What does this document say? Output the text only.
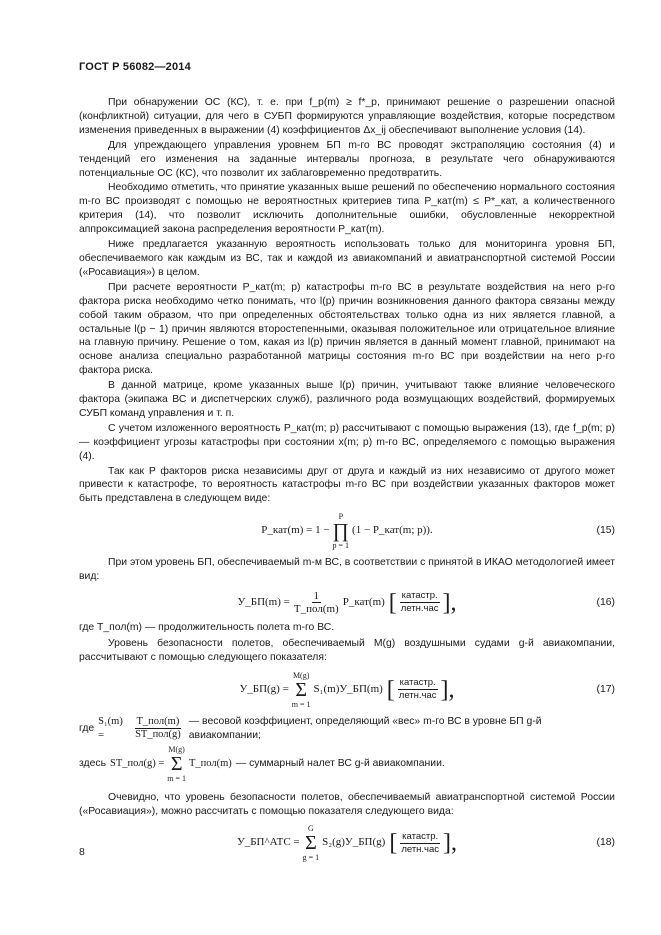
ГОСТ Р 56082—2014

При обнаружении ОС (КС), т. е. при f_р(m) ≥ f*_р, принимают решение о разрешении опасной (конфликтной) ситуации, для чего в СУБП формируются управляющие воздействия, которые посредством изменения приведенных в выражении (4) коэффициентов Δx_ij обеспечивают выполнение условия (14).

Для упреждающего управления уровнем БП m-го ВС проводят экстраполяцию состояния (4) и тенденций его изменения на заданные интервалы прогноза, в результате чего обнаруживаются потенциальные ОС (КС), что позволит их заблаговременно предотвратить.

Необходимо отметить, что принятие указанных выше решений по обеспечению нормального состояния m-го ВС производят с помощью не вероятностных критериев типа P_кат(m) ≤ P*_кат, а количественного критерия (14), что позволит исключить дополнительные ошибки, обусловленные некорректной аппроксимацией закона распределения вероятности P_кат(m).

Ниже предлагается указанную вероятность использовать только для мониторинга уровня БП, обеспечиваемого как каждым из ВС, так и каждой из авиакомпаний и авиатранспортной системой России («Росавиация») в целом.

При расчете вероятности P_кат(m; p) катастрофы m-го ВС в результате воздействия на него p-го фактора риска необходимо четко понимать, что l(p) причин возникновения данного фактора связаны между собой таким образом, что при определенных обстоятельствах только одна из них является главной, а остальные l(p − 1) причин являются второстепенными, оказывая положительное или отрицательное влияние на главную причину. Решение о том, какая из l(p) причин является в данный момент главной, принимают на основе анализа специально разработанной матрицы состояния m-го ВС при воздействии на него p-го фактора риска.

В данной матрице, кроме указанных выше l(p) причин, учитывают также влияние человеческого фактора (экипажа ВС и диспетчерских служб), различного рода возмущающих воздействий, формируемых СУБП команд управления и т. п.

С учетом изложенного вероятность P_кат(m; p) рассчитывают с помощью выражения (13), где f_р(m; p) — коэффициент угрозы катастрофы при состоянии x(m; p) m-го ВС, определяемого с помощью выражения (4).

Так как P факторов риска независимы друг от друга и каждый из них независимо от другого может привести к катастрофе, то вероятность катастрофы m-го ВС при воздействии указанных факторов может быть представлена в следующем виде:

P_кат(m) = 1 −
P
∏
p = 1
(1 − P_кат(m; p)).	(15)

При этом уровень БП, обеспечиваемый m-м ВС, в соответствии с принятой в ИКАО методологией имеет вид:

У_БП(m) = $\frac{1}{\text{T\_пол(m)}}$ P_кат(m) [ $\frac{\text{катастр.}}{\text{летн.час}}$ ],	(16)

где T_пол(m) — продолжительность полета m-го ВС.

Уровень безопасности полетов, обеспечиваемый M(g) воздушными судами g-й авиакомпании, рассчитывают с помощью следующего показателя:

У_БП(g) =
M(g)
Σ
m = 1
S₁(m)У_БП(m) [ $\frac{\text{катастр.}}{\text{летн.час}}$ ],	(17)
где
S₁(m) =	$\frac{\text{T\_пол(m)}}{\text{ST\_пол(g)}}$ — весовой коэффициент, определяющий «вес» m-го ВС в уровне БП g-й авиакомпании;
здесь ST_пол(g) =
M(g)
Σ
m = 1
T_пол(m) — суммарный налет ВС g-й авиакомпании.

Очевидно, что уровень безопасности полетов, обеспечиваемый авиатранспортной системой России («Росавиация»), можно рассчитать с помощью показателя следующего вида:

У_БП^АТС =
G
Σ
g = 1
S₂(g)У_БП(g) [ $\frac{\text{катастр.}}{\text{летн.час}}$ ],	(18)
8
